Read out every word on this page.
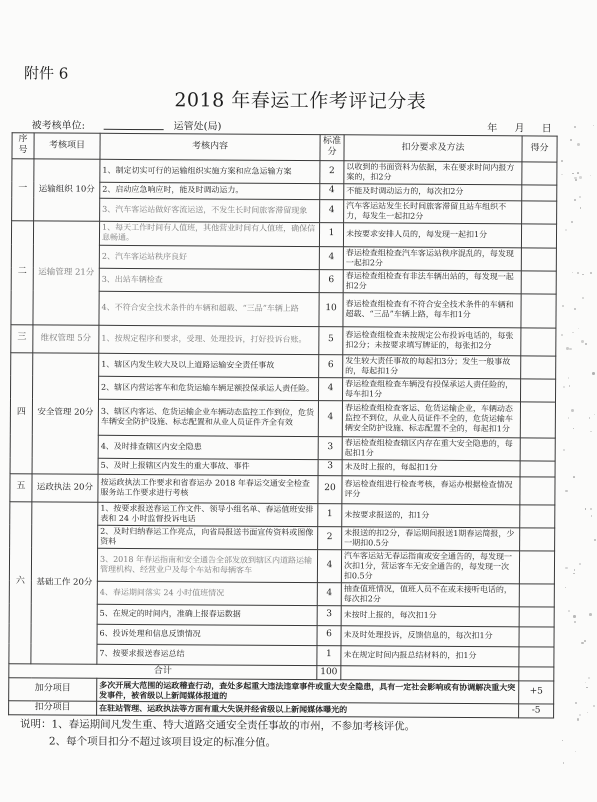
附件 6
2018 年春运工作考评记分表
被考核单位:	运管处(局)	年 月 日
序号	考核项目	考核内容	标准分	扣分要求及方法	得分
一	运输组织 10分	1、制定切实可行的运输组织实施方案和应急运输方案	2	以收到的书面资料为依据，未在要求时间内报方案的，扣2分	
		2、启动应急响应时，能及时调动运力。	4	不能及时调动运力的，每次扣2分	
		3、汽车客运站做好客流运送，不发生长时间旅客滞留现象	4	汽车客运站发生长时间旅客滞留且站车组织不力，每发生一起扣2分	
二	运输管理 21分	1、每天工作时间有人值班，其他营业时间有人值班，确保信息畅通。	1	未按要求安排人员的，每发现一起扣1分	
		2、汽车客运站秩序良好	4	春运检查组检查汽车客运站秩序混乱的，每发现一起扣2分	
		3、出站车辆检查	6	春运检查组检查有非法车辆出站的，每发现一起扣2分	
		4、不符合安全技术条件的车辆和超载、“三品”车辆上路	10	春运检查组检查有不符合安全技术条件的车辆和超载、“三品”车辆上路，每车扣1分	
三	维权管理 5分	1、按规定程序和要求，受理、处理投诉，打好投诉台账。	5	春运检查组检查未按规定公布投诉电话的，每张扣2分；未按要求填写牌证的，每张扣2分	
四	安全管理 20分	1、辖区内发生较大及以上道路运输安全责任事故	6	发生较大责任事故的每起扣3分；发生一般事故的，每起扣1分	
		2、辖区内营运客车和危货运输车辆足额投保承运人责任险。	4	春运检查组检查车辆没有投保承运人责任险的，每车扣1分	
		3、辖区内客运、危货运输企业车辆动态监控工作到位，危货车辆安全防护设施、标志配置和从业人员证件齐全有效	4	春运检查组检查客运、危货运输企业，车辆动态监控不到位，从业人员证件不全的，危货运输车辆安全防护设施、标志配置不全的，每起扣1分	
		4、及时排查辖区内安全隐患	3	春运检查组检查辖区内存在重大安全隐患的，每起扣1分	
		5、及时上报辖区内发生的重大事故、事件	3	未及时上报的，每起扣1分	
五	运政执法 20分	按运政执法工作要求和省春运办 2018 年春运交通安全检查服务站工作要求进行考核	20	春运检查组进行检查考核，春运办根据检查情况评分	
六	基础工作 20分	1、按要求报送春运工作文件、领导小组名单、春运值班安排表和 24 小时监督投诉电话	1	未按要求报送的，扣1分	
		2、及时归纳春运工作亮点，向省局报送书面宣传资料或图像资料	2	未报送的扣2分，春运期间报送1期春运简报，少一期扣0.5分	
		3、2018 年春运指南和安全通告全部发放到辖区内道路运输管理机构、经营业户及每个车站和每辆客车	4	汽车客运站无春运指南或安全通告的，每发现一次扣1分，营运客车无安全通告的，每发现一次扣0.5分	
		4、春运期间落实 24 小时值班情况	4	抽查值班情况，值班人员不在或未接听电话的，每次扣2分	
		5、在规定的时间内，准确上报春运数据	3	未按时上报的，每次扣1分	
		6、投诉处理和信息反馈情况	6	未及时处理投诉，反馈信息的，每次扣1分	
		7、按要求报送春运总结	1	未在规定时间内报总结材料的，扣1分	
合计			100		
加分项目		多次开展大范围的运政稽查行动，查处多起重大违法违章事件或重大安全隐患，具有一定社会影响或有协调解决重大突发事件，被省级以上新闻媒体报道的			+5
扣分项目		在驻站管理、运政执法等方面有重大失误并经省级以上新闻媒体曝光的			-5
说明：1、春运期间凡发生重、特大道路交通安全责任事故的市州，不参加考核评优。
2、每个项目扣分不超过该项目设定的标准分值。
